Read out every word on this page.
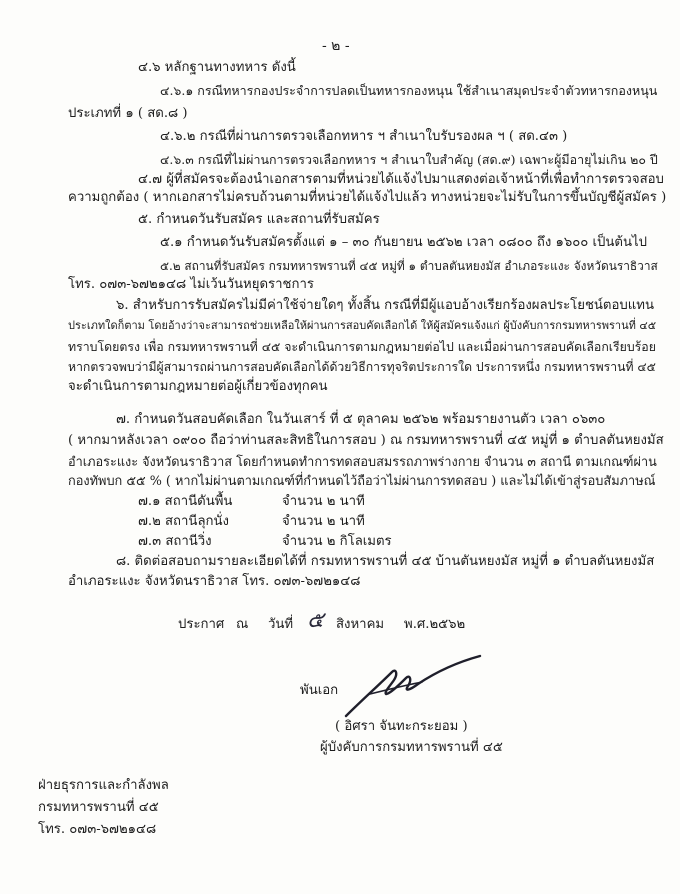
- ๒ -
๔.๖ หลักฐานทางทหาร ดังนี้
๔.๖.๑ กรณีทหารกองประจำการปลดเป็นทหารกองหนุน ใช้สำเนาสมุดประจำตัวทหารกองหนุน
ประเภทที่ ๑ ( สด.๘ )
๔.๖.๒ กรณีที่ผ่านการตรวจเลือกทหาร ฯ สำเนาใบรับรองผล ฯ ( สด.๔๓ )
๔.๖.๓ กรณีที่ไม่ผ่านการตรวจเลือกทหาร ฯ สำเนาใบสำคัญ (สด.๙) เฉพาะผู้มีอายุไม่เกิน ๒๐ ปี
๔.๗ ผู้ที่สมัครจะต้องนำเอกสารตามที่หน่วยได้แจ้งไปมาแสดงต่อเจ้าหน้าที่เพื่อทำการตรวจสอบ
ความถูกต้อง ( หากเอกสารไม่ครบถ้วนตามที่หน่วยได้แจ้งไปแล้ว ทางหน่วยจะไม่รับในการขึ้นบัญชีผู้สมัคร )
๕. กำหนดวันรับสมัคร และสถานที่รับสมัคร
๕.๑ กำหนดวันรับสมัครตั้งแต่ ๑ – ๓๐ กันยายน ๒๕๖๒ เวลา ๐๘๐๐ ถึง ๑๖๐๐ เป็นต้นไป
๕.๒ สถานที่รับสมัคร กรมทหารพรานที่ ๔๕ หมู่ที่ ๑ ตำบลตันหยงมัส อำเภอระแงะ จังหวัดนราธิวาส
โทร. ๐๗๓-๖๗๒๑๔๘ ไม่เว้นวันหยุดราชการ
๖. สำหรับการรับสมัครไม่มีค่าใช้จ่ายใดๆ ทั้งสิ้น กรณีที่มีผู้แอบอ้างเรียกร้องผลประโยชน์ตอบแทน
ประเภทใดก็ตาม โดยอ้างว่าจะสามารถช่วยเหลือให้ผ่านการสอบคัดเลือกได้ ให้ผู้สมัครแจ้งแก่ ผู้บังคับการกรมทหารพรานที่ ๔๕
ทราบโดยตรง เพื่อ กรมทหารพรานที่ ๔๕ จะดำเนินการตามกฎหมายต่อไป และเมื่อผ่านการสอบคัดเลือกเรียบร้อย
หากตรวจพบว่ามีผู้สามารถผ่านการสอบคัดเลือกได้ด้วยวิธีการทุจริตประการใด ประการหนึ่ง กรมทหารพรานที่ ๔๕
จะดำเนินการตามกฎหมายต่อผู้เกี่ยวข้องทุกคน
๗. กำหนดวันสอบคัดเลือก ในวันเสาร์ ที่ ๕ ตุลาคม ๒๕๖๒ พร้อมรายงานตัว เวลา ๐๖๓๐
( หากมาหลังเวลา ๐๙๐๐ ถือว่าท่านสละสิทธิในการสอบ ) ณ กรมทหารพรานที่ ๔๕ หมู่ที่ ๑ ตำบลตันหยงมัส
อำเภอระแงะ จังหวัดนราธิวาส โดยกำหนดทำการทดสอบสมรรถภาพร่างกาย จำนวน ๓ สถานี ตามเกณฑ์ผ่าน
กองทัพบก ๕๕ % ( หากไม่ผ่านตามเกณฑ์ที่กำหนดไว้ถือว่าไม่ผ่านการทดสอบ ) และไม่ได้เข้าสู่รอบสัมภาษณ์
๗.๑ สถานีดันพื้น	จำนวน ๒ นาที
๗.๒ สถานีลุกนั่ง	จำนวน ๒ นาที
๗.๓ สถานีวิ่ง	จำนวน ๒ กิโลเมตร
๘. ติดต่อสอบถามรายละเอียดได้ที่ กรมทหารพรานที่ ๔๕ บ้านตันหยงมัส หมู่ที่ ๑ ตำบลตันหยงมัส
อำเภอระแงะ จังหวัดนราธิวาส โทร. ๐๗๓-๖๗๒๑๔๘
ประกาศ ณ วันที่ ๕ สิงหาคม พ.ศ.๒๕๖๒
พันเอก
( อิศรา จันทะกระยอม )
ผู้บังคับการกรมทหารพรานที่ ๔๕
ฝ่ายธุรการและกำลังพล
กรมทหารพรานที่ ๔๕
โทร. ๐๗๓-๖๗๒๑๔๘
